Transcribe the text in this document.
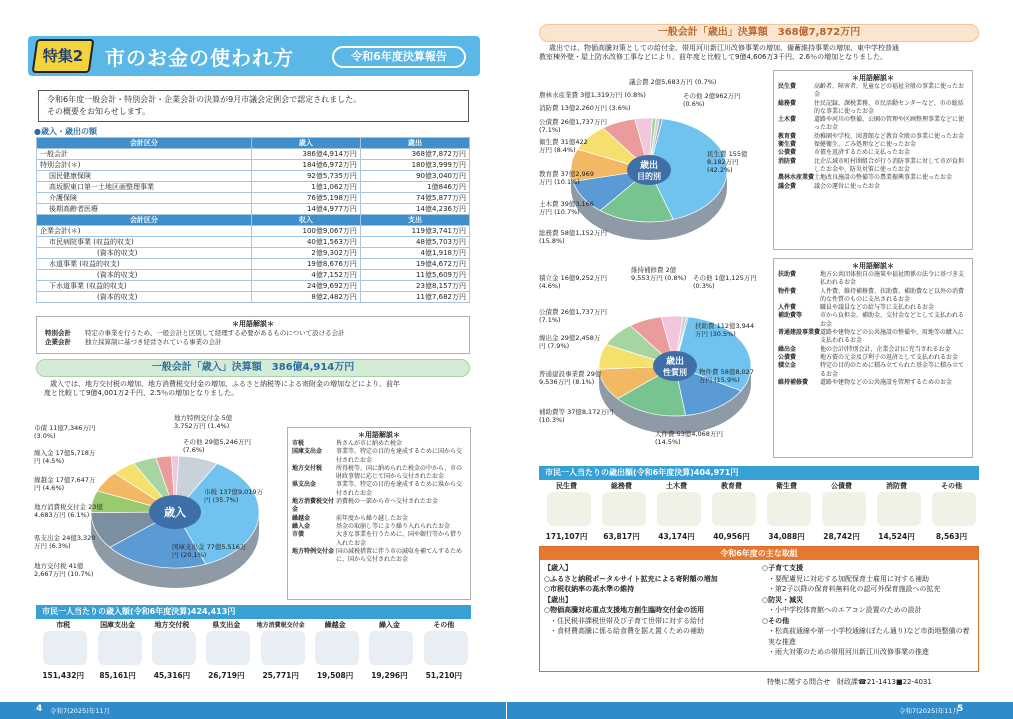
特集2	市のお金の使われ方	令和6年度決算報告
令和6年度一般会計・特別会計・企業会計の決算が9月市議会定例会で認定されました。
その概要をお知らせします。
●歳入・歳出の額
会計区分	歳入	歳出
一般会計	386億4,914万円	368億7,872万円
特別会計(＊)	184億6,972万円	180億3,999万円
国民健康保険	92億5,735万円	90億3,040万円
高坂駅東口第一土地区画整理事業	1億1,062万円	1億846万円
介護保険	76億5,198万円	74億5,877万円
後期高齢者医療	14億4,977万円	14億4,236万円
会計区分	収入	支出
企業会計(＊)	100億9,067万円	119億3,741万円
市民病院事業 (収益的収支)	40億1,563万円	48億5,703万円
(資本的収支)	2億9,302万円	4億1,918万円
水道事業 (収益的収支)	19億8,676万円	19億4,672万円
(資本的収支)	4億7,152万円	11億5,609万円
下水道事業 (収益的収支)	24億9,692万円	23億8,157万円
(資本的収支)	8億2,482万円	11億7,682万円
＊用語解説＊
特別会計	特定の事業を行うため、一般会計と区別して経理する必要があるものについて設ける会計
企業会計	独立採算制に基づき経営されている事業の会計
一般会計「歳入」決算額　386億4,914万円
歳入では、地方交付税の増加、地方消費税交付金の増加、ふるさと納税等による寄附金の増加などにより、前年
度と比較して9億4,001万2千円、2.5％の増加となりました。
歳入
市税 137億9,019万円 (35.7%)
国庫支出金 77億5,516万円 (20.1%)
地方交付税 41億2,667万円 (10.7%)
県支出金 24億3,320万円 (6.3%)
地方消費税交付金 23億4,683万円 (6.1%)
繰越金 17億7,647万円 (4.6%)
繰入金 17億5,718万円 (4.5%)
市債 11億7,346万円 (3.0%)
地方特例交付金 5億3,752万円 (1.4%)
その他 29億5,246万円 (7.6%)
＊用語解説＊
市税	皆さんが市に納めた税金
国庫支出金	事業等、特定の目的を達成するために国から交付されたお金
地方交付税	所得税等、国に納められた税金の中から、市の財政事情に応じて国から交付されたお金
県支出金	事業等、特定の目的を達成するために県から交付されたお金
地方消費税交付金
消費税の一部から市へ交付されたお金
繰越金	前年度から繰り越したお金
繰入金	基金の取崩し等により繰り入れられたお金
市債	大きな事業を行うために、国や銀行等から借り入れたお金
地方特例交付金 国の減税措置に伴う市の減収を補てんするために、国から交付されたお金
市民一人当たりの歳入額(令和6年度決算)424,413円
市税
151,432円
国庫支出金
85,161円
地方交付税
45,316円
県支出金
26,719円
地方消費税交付金
25,771円
繰越金
19,508円
繰入金
19,296円
その他
51,210円
4 令和7(2025)年11月
一般会計「歳出」決算額　368億7,872万円
歳出では、物価高騰対策としての給付金、帯用河川新江川改修事業の増加、備蓄維持事業の増加、東中学校普通
教室棟外壁・屋上防水改修工事などにより、前年度と比較して9億4,606万3千円、2.6％の増加となりました。
歳出
目的別
民生費 155億8,182万円 (42.2%)
総務費 58億1,152万円 (15.8%)
土木費 39億3,166万円 (10.7%)
教育費 37億2,969万円 (10.1%)
衛生費 31億422万円 (8.4%)
公債費 26億1,737万円 (7.1%)
消防費 13億2,260万円 (3.6%)
農林水産業費 3億1,319万円 (0.8%)
議会費 2億5,683万円 (0.7%)
その他 2億962万円 (0.6%)
＊用語解説＊
民生費	高齢者、障害者、児童などの福祉全般の事業に使ったお金
総務費	住民記録、課税業務、市民活動センターなど、市の総括的な事業に使ったお金
土木費	道路や河川の整備、公園の管理や区画整理事業などに使ったお金
教育費	幼稚園や学校、図書館など教育全般の事業に使ったお金
衛生費	保健衛生、ごみ処理などに使ったお金
公債費	市債を返済するために支払ったお金
消防費	比企広域市町村圏組合が行う消防事業に対して市が負担したお金や、防災対策に使ったお金
農林水産業費 土地改良施設の整備等の農業振興事業に使ったお金
議会費	議会の運営に使ったお金
歳出
性質別
扶助費 112億3,944万円 (30.5%)
人件費 53億4,068万円 (14.5%)
物件費 58億8,027万円 (15.9%)
補助費等 37億8,172万円 (10.3%)
普通建設事業費 29億9,536万円 (8.1%)
繰出金 29億2,458万円 (7.9%)
公債費 26億1,737万円 (7.1%)
積立金 16億9,252万円 (4.6%)
維持補修費 2億9,553万円 (0.8%)	その他 1億1,125万円 (0.3%)
＊用語解説＊
扶助費	地方公共団体独自の施策や福祉関係の法令に基づき支払われるお金
物件費	人件費、維持補修費、扶助費、補助費など以外の消費的な性質のものに支出されるお金
人件費	職員や議員などの給与等に支払われるお金
補助費等	市から負担金、補助金、交付金などとして支払われるお金
普通建設事業費 道路や建物などの公共施設の整備や、用地等の購入に支払われるお金
繰出金	他の会計(特別会計、企業会計)に充当されるお金
公債費	地方債の元金及び利子の返済として支払われるお金
積立金	特定の目的のために積み立てられた基金等に積み立てるお金
維持補修費	道路や建物などの公共施設を管理するためのお金
市民一人当たりの歳出額(令和6年度決算)404,971円
民生費
171,107円
総務費
63,817円
土木費
43,174円
教育費
40,956円
衛生費
34,088円
公債費
28,742円
消防費
14,524円
その他
8,563円
令和6年度の主な取組
【歳入】
○ふるさと納税ポータルサイト拡充による寄附額の増加
○市税収納率の高水準の維持
【歳出】
○物価高騰対応重点支援地方創生臨時交付金の活用
・住民税非課税世帯及び子育て世帯に対する給付
・食材費高騰に係る給食費を据え置くための補助
○子育て支援
・要配慮児に対応する加配保育士雇用に対する補助
・第2子以降の保育料無料化の認可外保育施設への拡充
○防災・減災
・小中学校体育館へのエアコン設置のための設計
○その他
・松高前通線や第一小学校通線(ぼたん通り)など市街地整備の着実な推進
・雨大対策のための帯用河川新江川改修事業の推進
特集に関する問合せ　財政課☎21-1413■22-4031
令和7(2025)年11月
5
